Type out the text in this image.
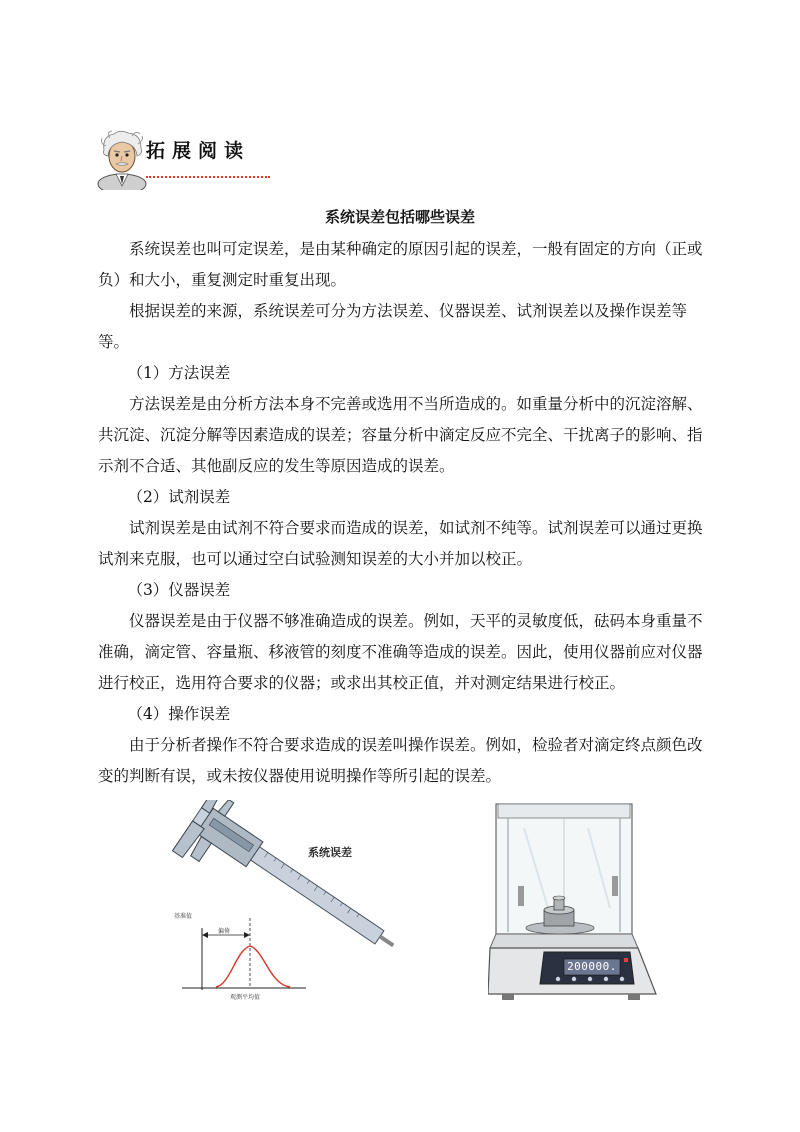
拓展阅读
系统误差包括哪些误差

系统误差也叫可定误差，是由某种确定的原因引起的误差，一般有固定的方向（正或负）和大小，重复测定时重复出现。

根据误差的来源，系统误差可分为方法误差、仪器误差、试剂误差以及操作误差等等。

（1）方法误差

方法误差是由分析方法本身不完善或选用不当所造成的。如重量分析中的沉淀溶解、共沉淀、沉淀分解等因素造成的误差；容量分析中滴定反应不完全、干扰离子的影响、指示剂不合适、其他副反应的发生等原因造成的误差。

（2）试剂误差

试剂误差是由试剂不符合要求而造成的误差，如试剂不纯等。试剂误差可以通过更换试剂来克服，也可以通过空白试验测知误差的大小并加以校正。

（3）仪器误差

仪器误差是由于仪器不够准确造成的误差。例如，天平的灵敏度低，砝码本身重量不准确，滴定管、容量瓶、移液管的刻度不准确等造成的误差。因此，使用仪器前应对仪器进行校正，选用符合要求的仪器；或求出其校正值，并对测定结果进行校正。

（4）操作误差

由于分析者操作不符合要求造成的误差叫操作误差。例如，检验者对滴定终点颜色改变的判断有误，或未按仪器使用说明操作等所引起的误差。

系统误差
基准值
偏倚
观测平均值
200000.
